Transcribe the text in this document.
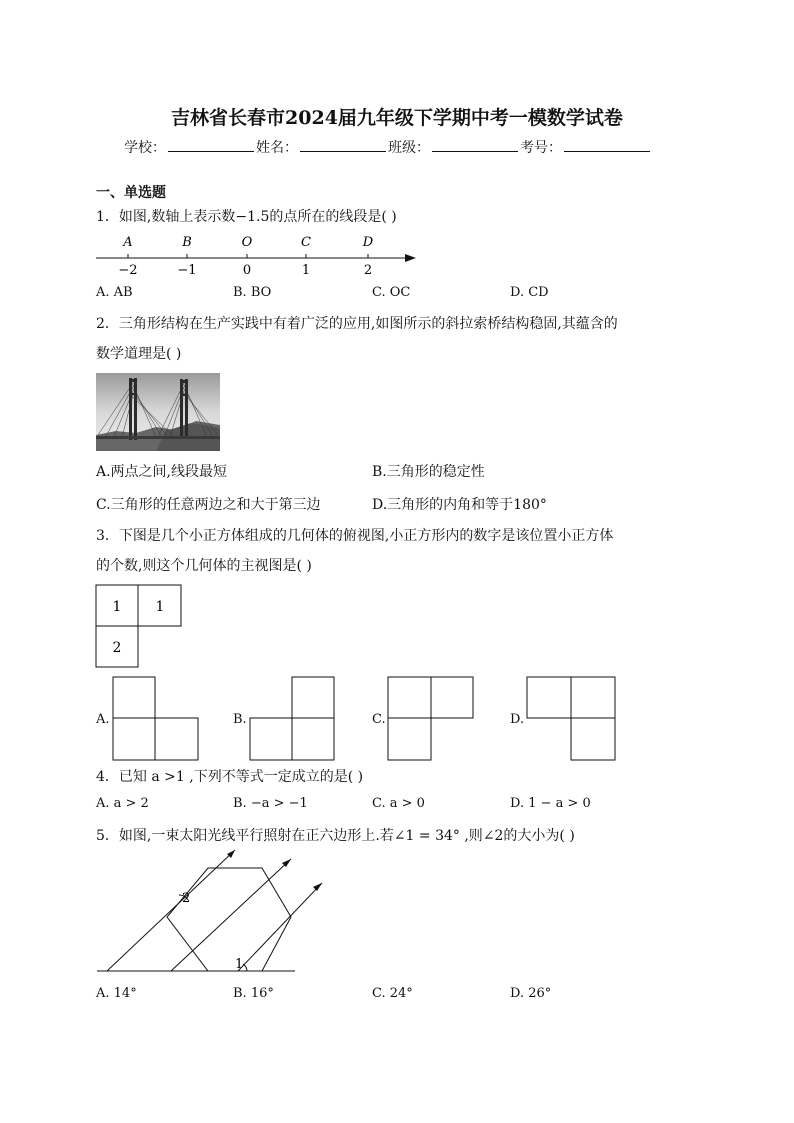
吉林省长春市2024届九年级下学期中考一模数学试卷
学校：	姓名：	班级：	考号：
一、单选题
1．如图,数轴上表示数−1.5的点所在的线段是( )
A	B	O	C	D
−2	−1	0	1	2
A. AB	B. BO	C. OC	D. CD
2．三角形结构在生产实践中有着广泛的应用,如图所示的斜拉索桥结构稳固,其蕴含的
数学道理是( )
A.两点之间,线段最短	B.三角形的稳定性
C.三角形的任意两边之和大于第三边	D.三角形的内角和等于180°
3．下图是几个小正方体组成的几何体的俯视图,小正方形内的数字是该位置小正方体
的个数,则这个几何体的主视图是( )
1 1
2
A.	B.	C.	D.
4．已知 a >1 ,下列不等式一定成立的是( )
A. a > 2	B. −a > −1	C. a > 0	D. 1 − a > 0
5．如图,一束太阳光线平行照射在正六边形上.若∠1 = 34° ,则∠2的大小为( )
2
1
A. 14°	B. 16°	C. 24°	D. 26°
